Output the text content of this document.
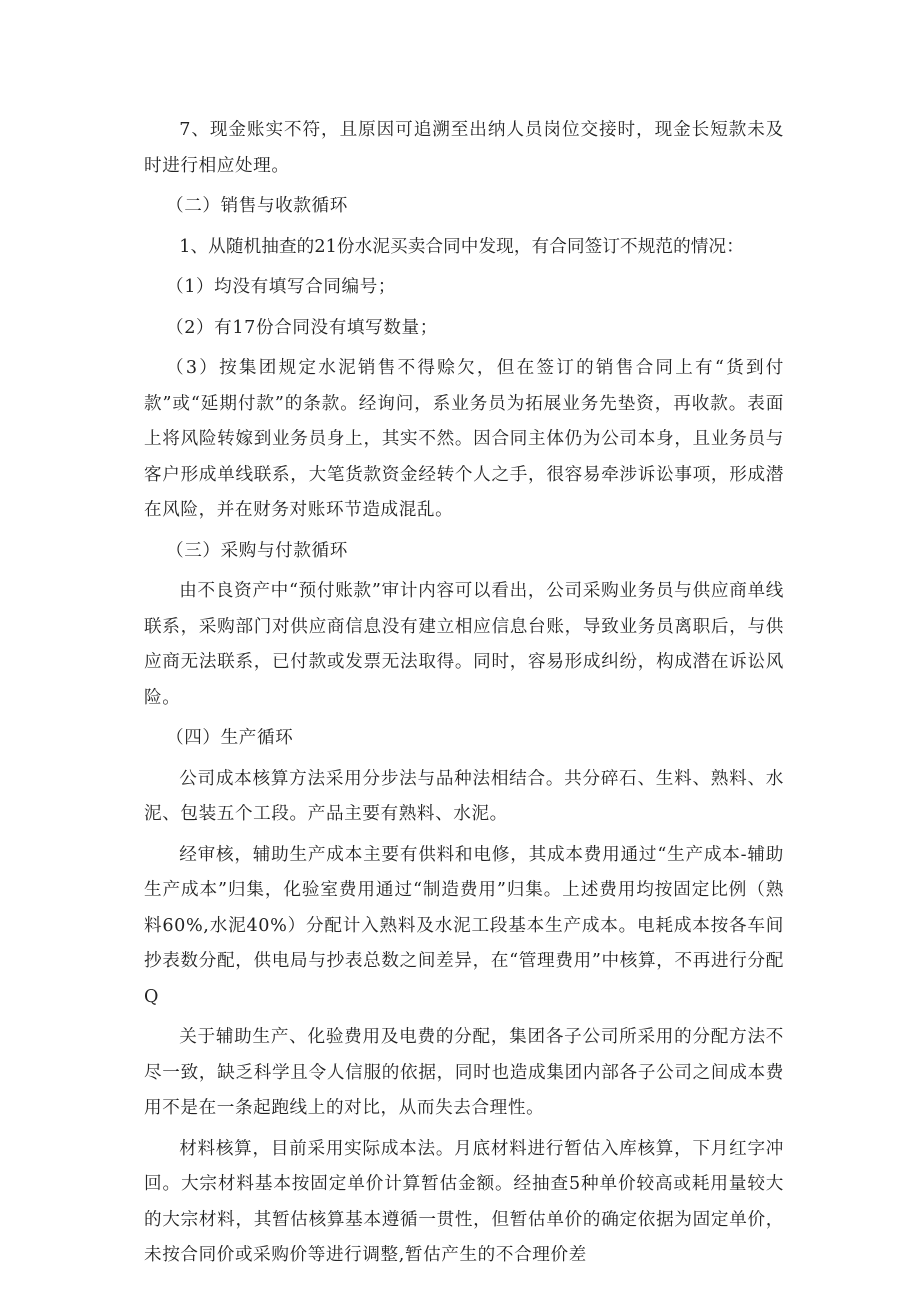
7、现金账实不符，且原因可追溯至出纳人员岗位交接时，现金长短款未及时进行相应处理。

（二）销售与收款循环

1、从随机抽查的21份水泥买卖合同中发现，有合同签订不规范的情况：

（1）均没有填写合同编号；

（2）有17份合同没有填写数量；

（3）按集团规定水泥销售不得赊欠，但在签订的销售合同上有“货到付款”或“延期付款”的条款。经询问，系业务员为拓展业务先垫资，再收款。表面上将风险转嫁到业务员身上，其实不然。因合同主体仍为公司本身，且业务员与客户形成单线联系，大笔货款资金经转个人之手，很容易牵涉诉讼事项，形成潜在风险，并在财务对账环节造成混乱。

（三）采购与付款循环

由不良资产中“预付账款”审计内容可以看出，公司采购业务员与供应商单线联系，采购部门对供应商信息没有建立相应信息台账，导致业务员离职后，与供应商无法联系，已付款或发票无法取得。同时，容易形成纠纷，构成潜在诉讼风险。

（四）生产循环

公司成本核算方法采用分步法与品种法相结合。共分碎石、生料、熟料、水泥、包装五个工段。产品主要有熟料、水泥。

经审核，辅助生产成本主要有供料和电修，其成本费用通过“生产成本-辅助生产成本”归集，化验室费用通过“制造费用”归集。上述费用均按固定比例（熟料60%,水泥40%）分配计入熟料及水泥工段基本生产成本。电耗成本按各车间抄表数分配，供电局与抄表总数之间差异，在“管理费用”中核算，不再进行分配Q

关于辅助生产、化验费用及电费的分配，集团各子公司所采用的分配方法不尽一致，缺乏科学且令人信服的依据，同时也造成集团内部各子公司之间成本费用不是在一条起跑线上的对比，从而失去合理性。

材料核算，目前采用实际成本法。月底材料进行暂估入库核算，下月红字冲回。大宗材料基本按固定单价计算暂估金额。经抽查5种单价较高或耗用量较大的大宗材料，其暂估核算基本遵循一贯性，但暂估单价的确定依据为固定单价，未按合同价或采购价等进行调整,暂估产生的不合理价差
